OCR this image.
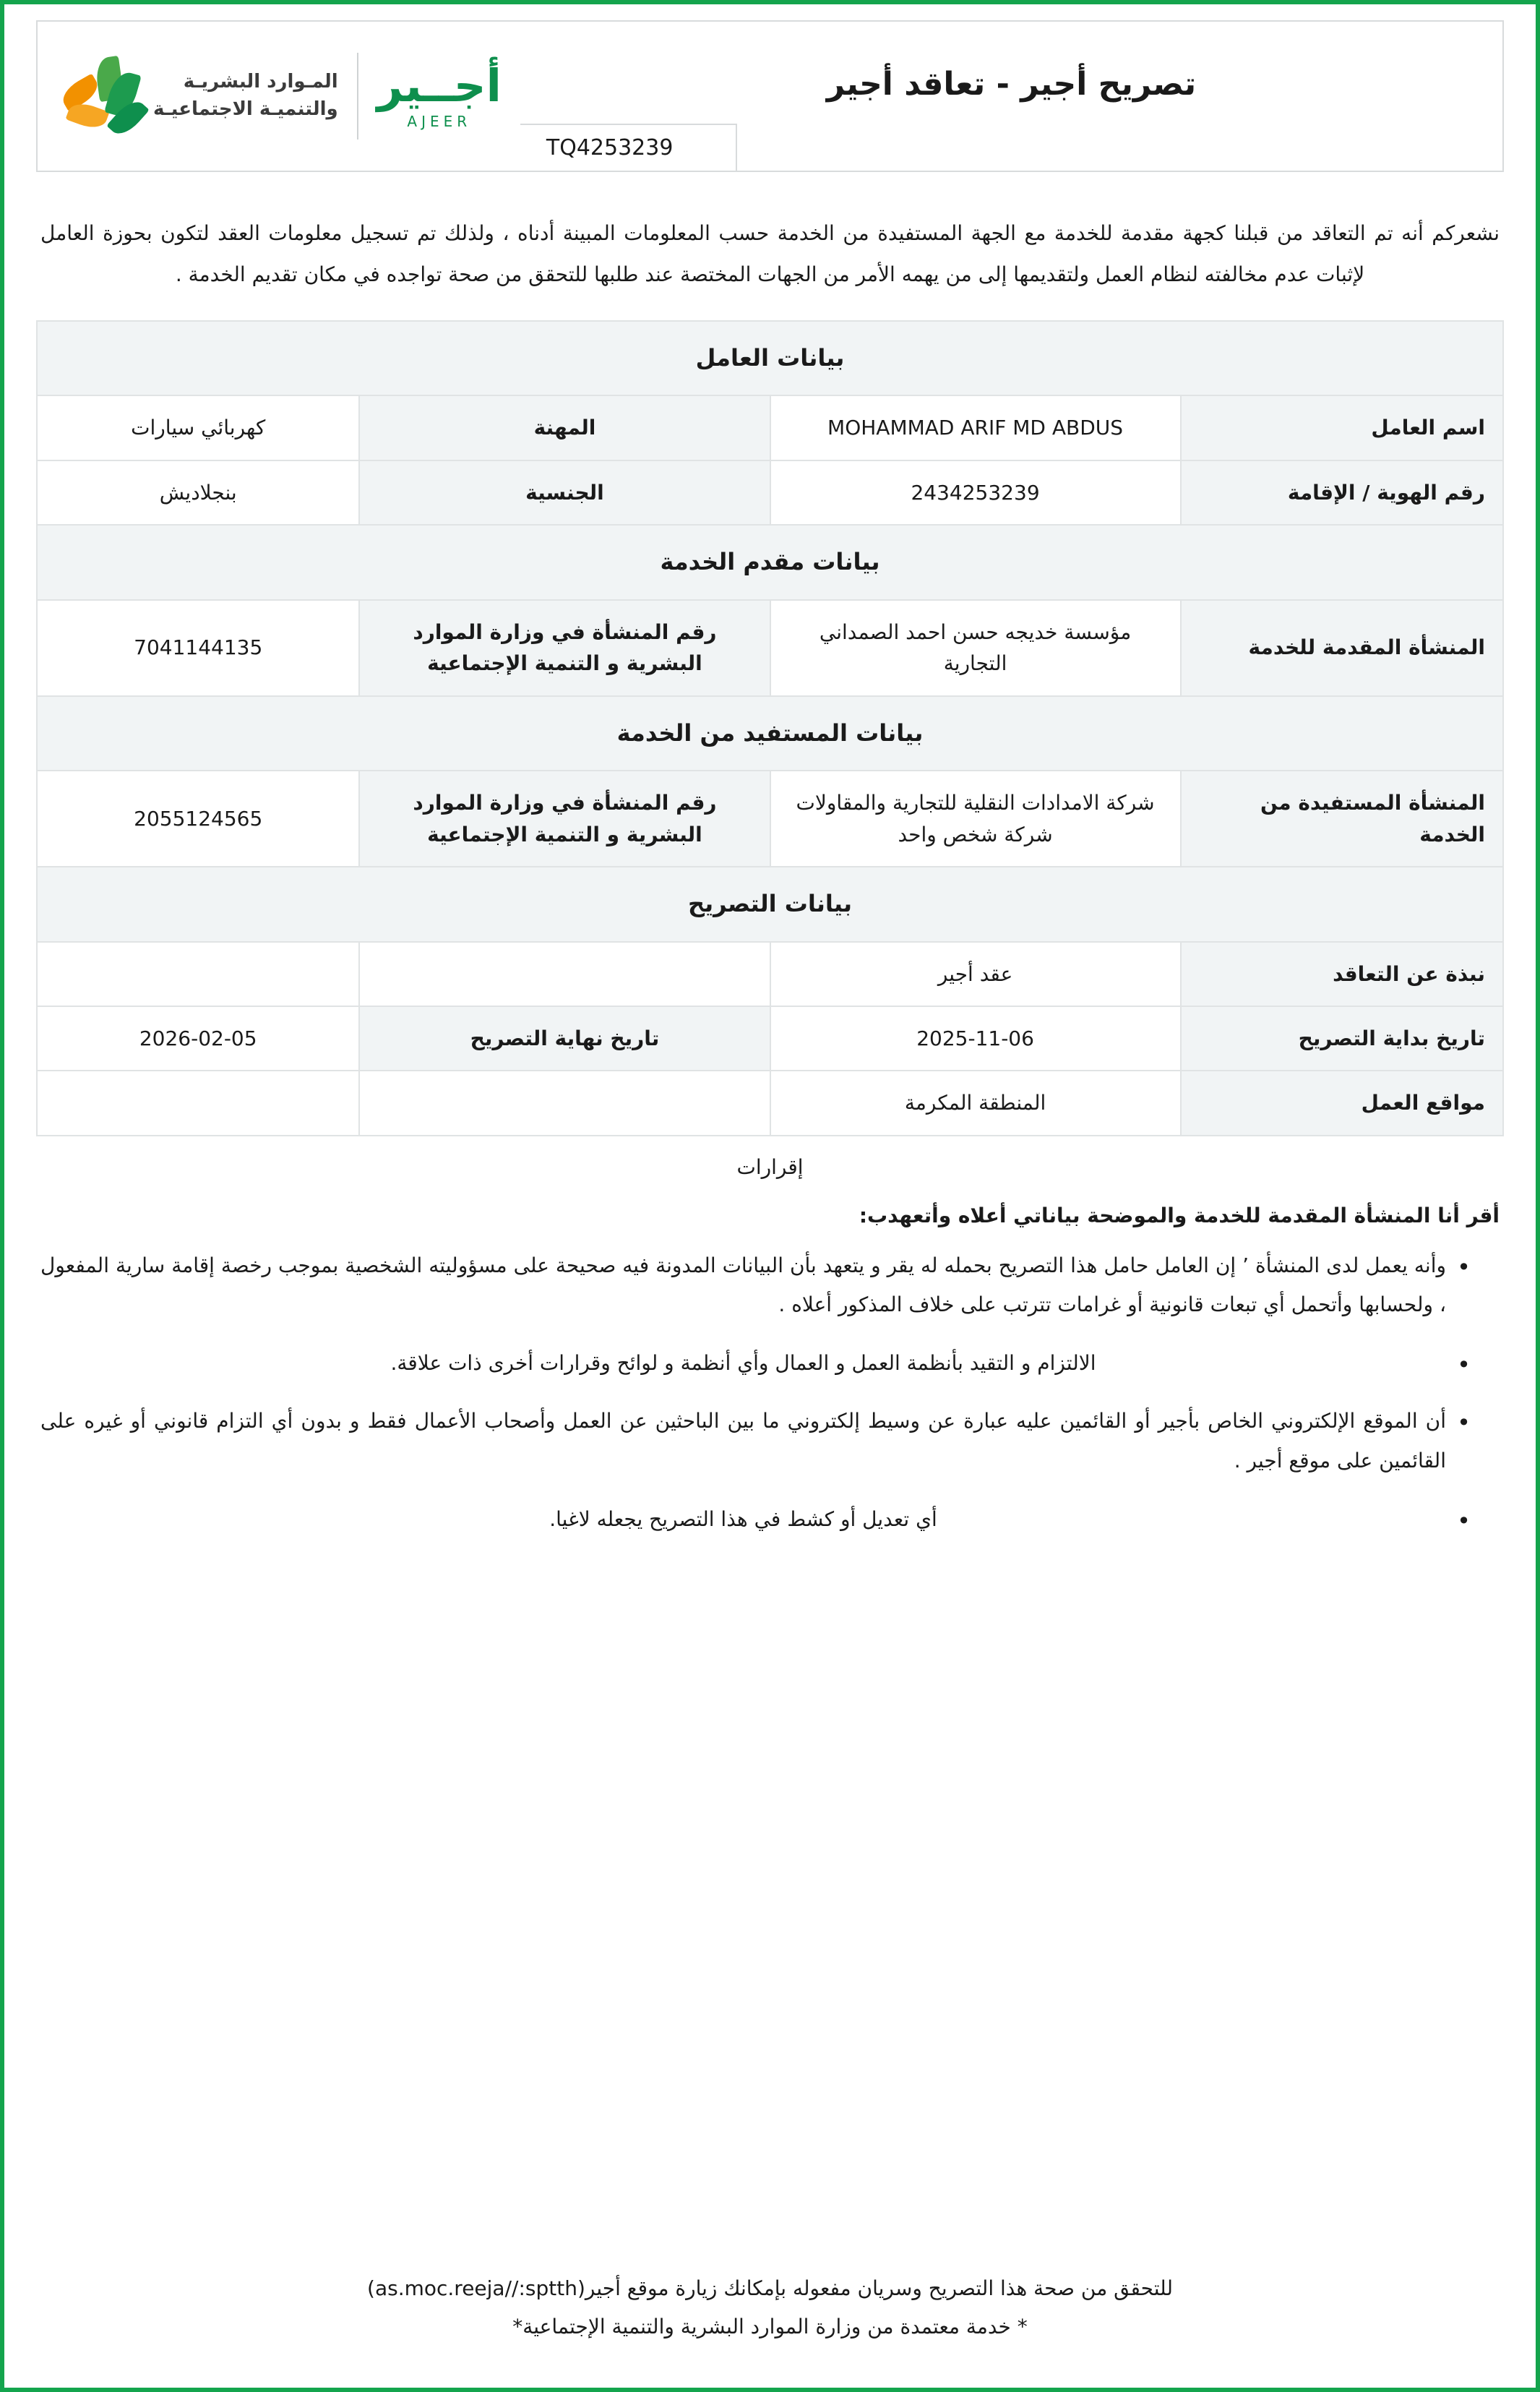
المـوارد البشريـة
والتنميـة الاجتماعيـة أجــير
AJEER
تصريح أجير - تعاقد أجير
TQ4253239

نشعركم أنه تم التعاقد من قبلنا كجهة مقدمة للخدمة مع الجهة المستفيدة من الخدمة حسب المعلومات المبينة أدناه ، ولذلك تم تسجيل معلومات العقد لتكون بحوزة العامل لإثبات عدم مخالفته لنظام العمل ولتقديمها إلى من يهمه الأمر من الجهات المختصة عند طلبها للتحقق من صحة تواجده في مكان تقديم الخدمة .

بيانات العامل			
اسم العامل	MOHAMMAD ARIF MD ABDUS	المهنة	كهربائي سيارات
رقم الهوية / الإقامة	2434253239	الجنسية	بنجلاديش
بيانات مقدم الخدمة			
المنشأة المقدمة للخدمة	مؤسسة خديجه حسن احمد الصمداني التجارية	رقم المنشأة في وزارة الموارد البشرية و التنمية الإجتماعية	7041144135
بيانات المستفيد من الخدمة			
المنشأة المستفيدة من الخدمة	شركة الامدادات النقلية للتجارية والمقاولات شركة شخص واحد	رقم المنشأة في وزارة الموارد البشرية و التنمية الإجتماعية	2055124565
بيانات التصريح			
نبذة عن التعاقد	عقد أجير		
تاريخ بداية التصريح	2025-11-06	تاريخ نهاية التصريح	2026-02-05
مواقع العمل	المنطقة المكرمة		
إقرارات
أقر أنا المنشأة المقدمة للخدمة والموضحة بياناتي أعلاه وأتعهدب:
• وأنه يعمل لدى المنشأة ’ إن العامل حامل هذا التصريح بحمله له يقر و يتعهد بأن البيانات المدونة فيه صحيحة على مسؤوليته الشخصية بموجب رخصة إقامة سارية المفعول ، ولحسابها وأتحمل أي تبعات قانونية أو غرامات تترتب على خلاف المذكور أعلاه .
• الالتزام و التقيد بأنظمة العمل و العمال وأي أنظمة و لوائح وقرارات أخرى ذات علاقة.
• أن الموقع الإلكتروني الخاص بأجير أو القائمين عليه عبارة عن وسيط إلكتروني ما بين الباحثين عن العمل وأصحاب الأعمال فقط و بدون أي التزام قانوني أو غيره على القائمين على موقع أجير .
• أي تعديل أو كشط في هذا التصريح يجعله لاغيا.
للتحقق من صحة هذا التصريح وسريان مفعوله بإمكانك زيارة موقع أجير(as.moc.reeja//:sptth)
* خدمة معتمدة من وزارة الموارد البشرية والتنمية الإجتماعية*
